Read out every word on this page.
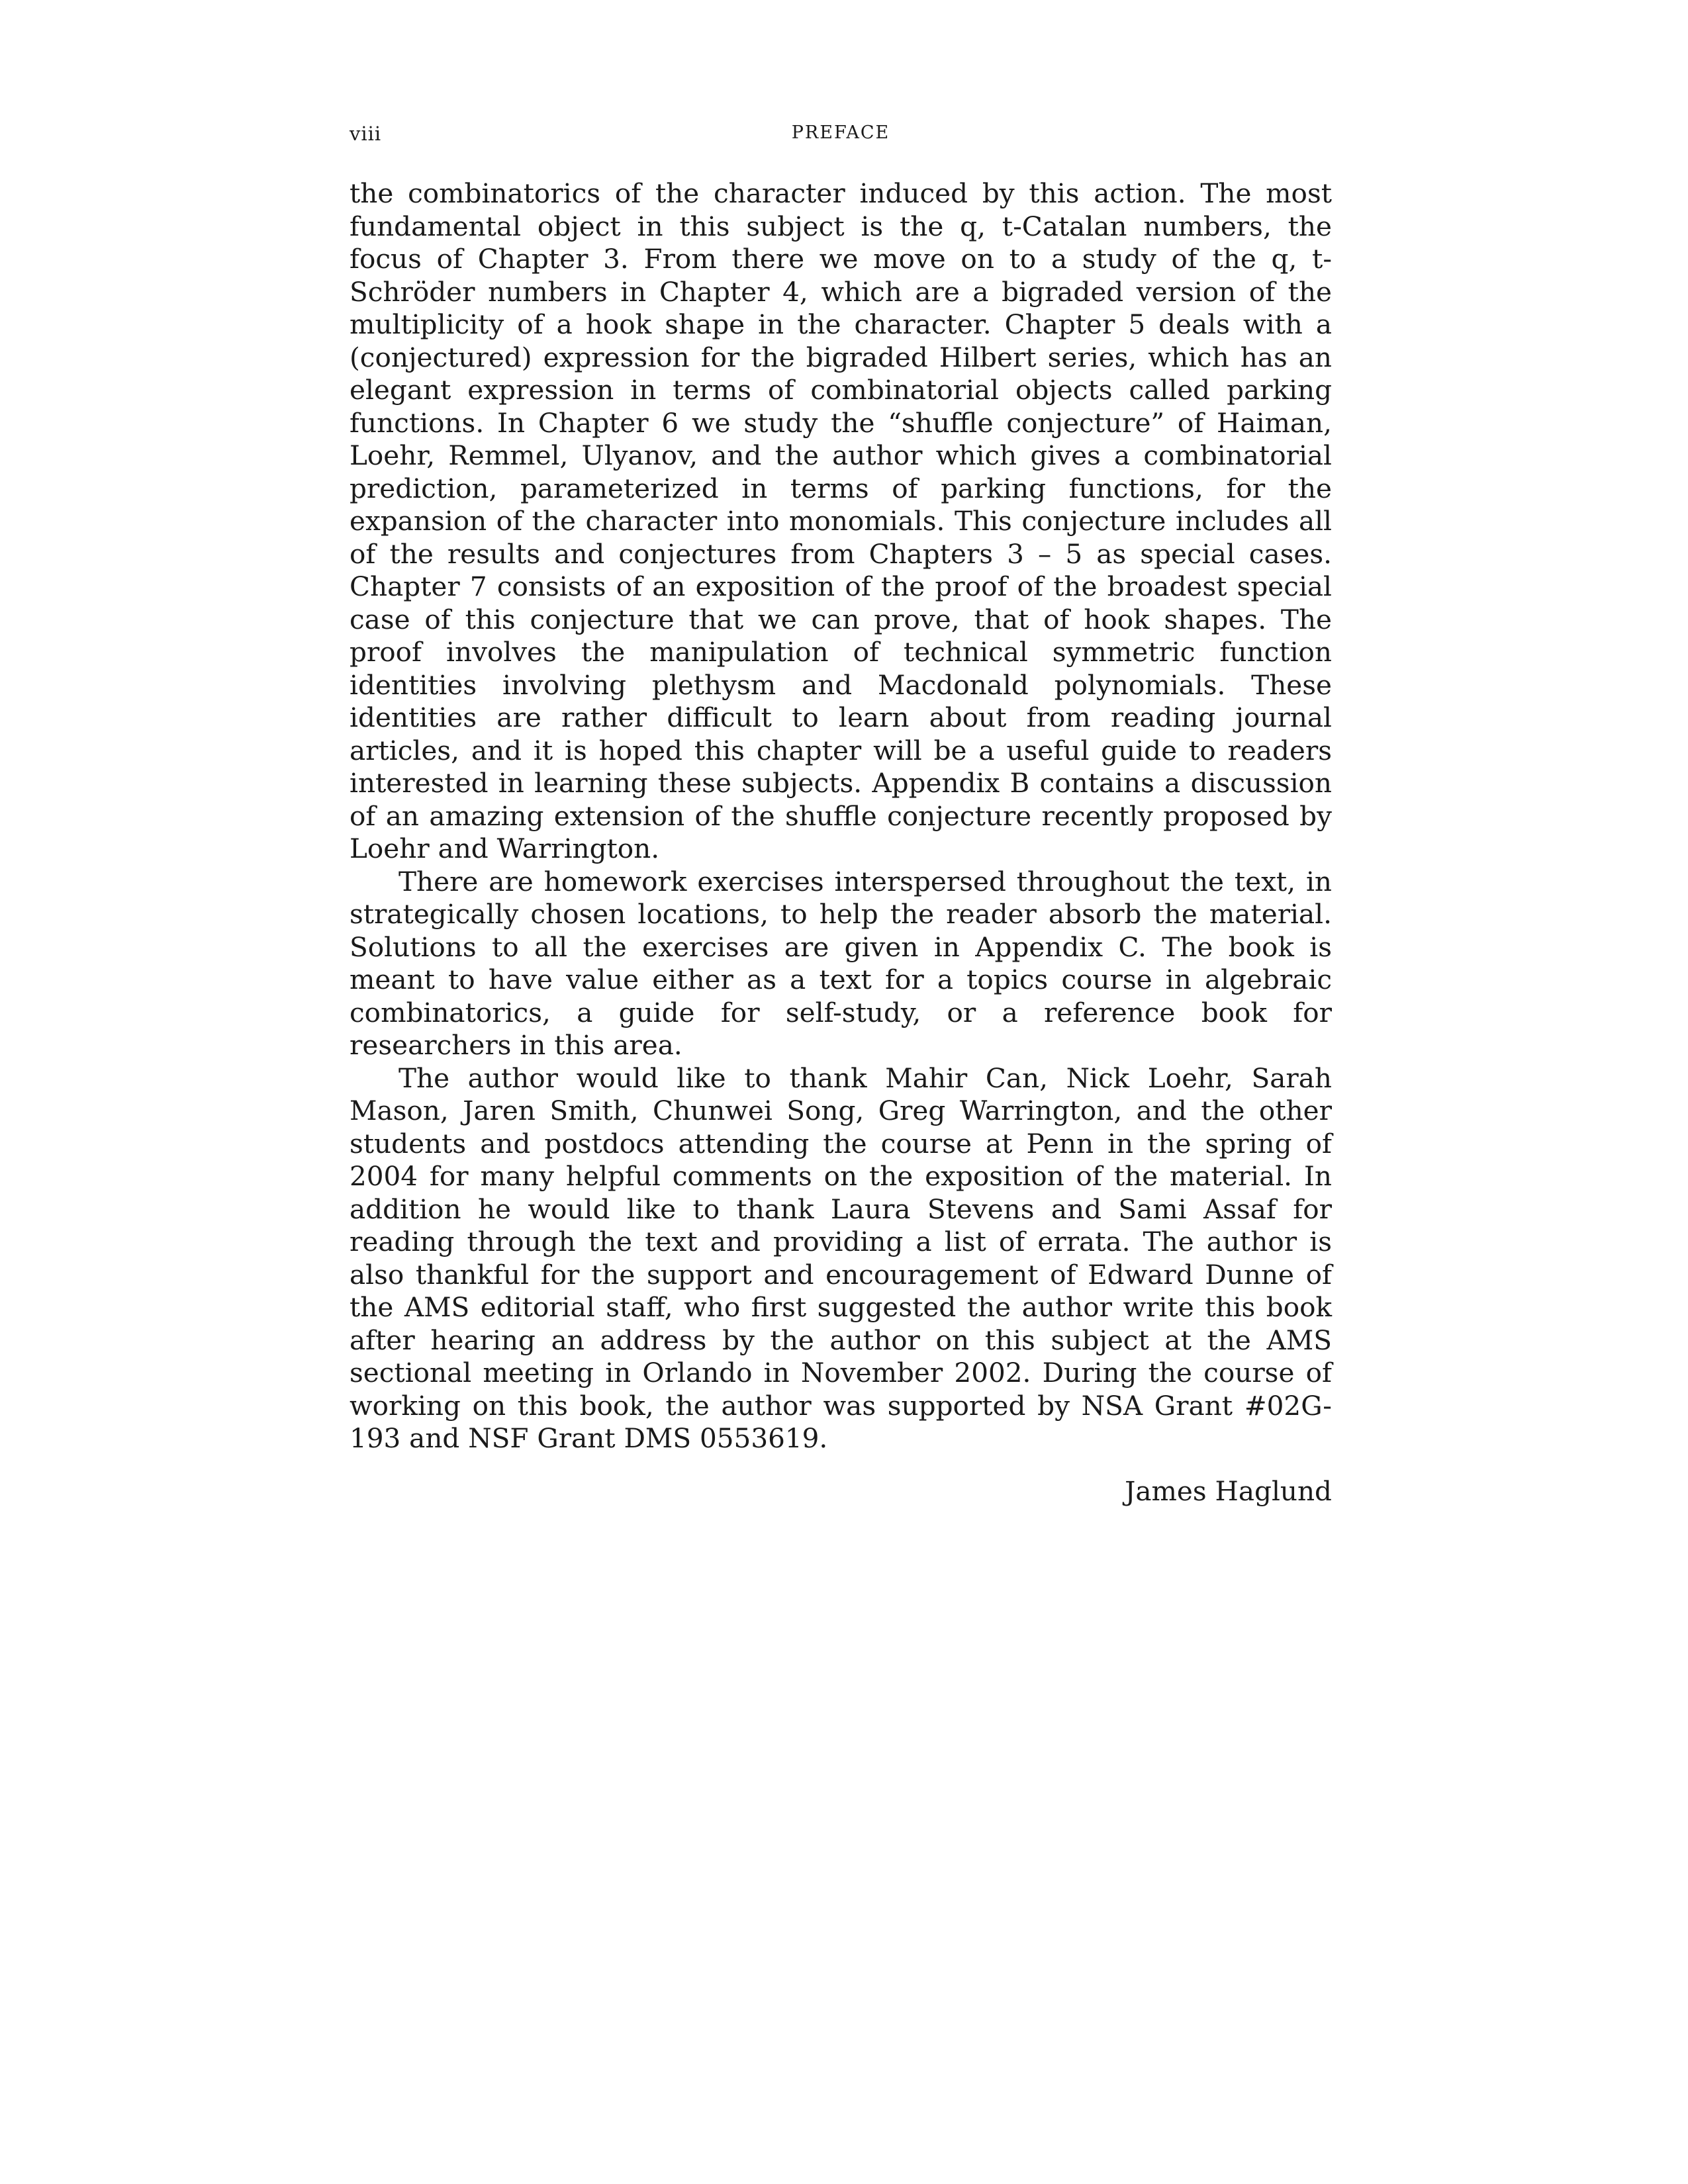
viii	PREFACE

the combinatorics of the character induced by this action. The most fundamental object in this subject is the q, t-Catalan numbers, the focus of Chapter 3. From there we move on to a study of the q, t-Schröder numbers in Chapter 4, which are a bigraded version of the multiplicity of a hook shape in the character. Chapter 5 deals with a (conjectured) expression for the bigraded Hilbert series, which has an elegant expression in terms of combinatorial objects called parking functions. In Chapter 6 we study the “shuffle conjecture” of Haiman, Loehr, Remmel, Ulyanov, and the author which gives a combinatorial prediction, parameterized in terms of parking functions, for the expansion of the character into monomials. This conjecture includes all of the results and conjectures from Chapters 3 – 5 as special cases. Chapter 7 consists of an exposition of the proof of the broadest special case of this conjecture that we can prove, that of hook shapes. The proof involves the manipulation of technical symmetric function identities involving plethysm and Macdonald polynomials. These identities are rather difficult to learn about from reading journal articles, and it is hoped this chapter will be a useful guide to readers interested in learning these subjects. Appendix B contains a discussion of an amazing extension of the shuffle conjecture recently proposed by Loehr and Warrington.

There are homework exercises interspersed throughout the text, in strategically chosen locations, to help the reader absorb the material. Solutions to all the exercises are given in Appendix C. The book is meant to have value either as a text for a topics course in algebraic combinatorics, a guide for self-study, or a reference book for researchers in this area.

The author would like to thank Mahir Can, Nick Loehr, Sarah Mason, Jaren Smith, Chunwei Song, Greg Warrington, and the other students and postdocs attending the course at Penn in the spring of 2004 for many helpful comments on the exposition of the material. In addition he would like to thank Laura Stevens and Sami Assaf for reading through the text and providing a list of errata. The author is also thankful for the support and encouragement of Edward Dunne of the AMS editorial staff, who first suggested the author write this book after hearing an address by the author on this subject at the AMS sectional meeting in Orlando in November 2002. During the course of working on this book, the author was supported by NSA Grant #02G-193 and NSF Grant DMS 0553619.

James Haglund
